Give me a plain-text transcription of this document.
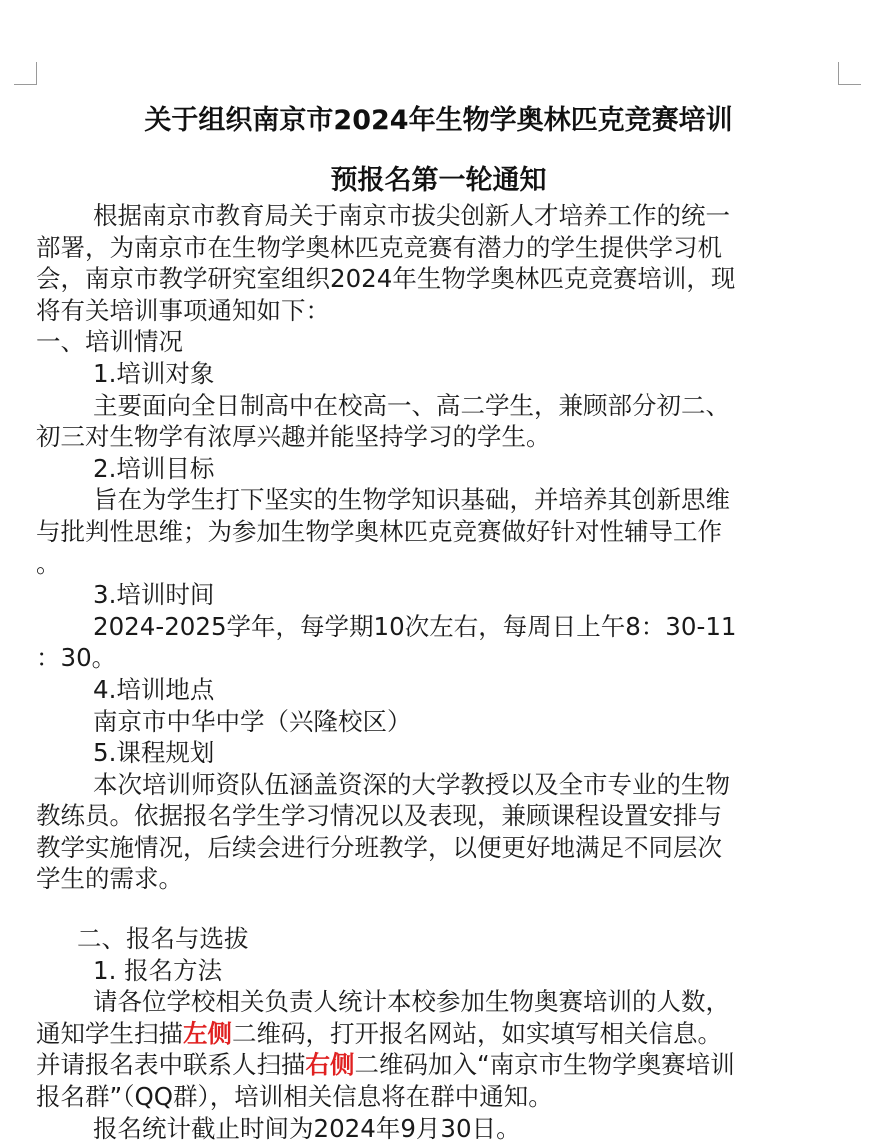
关于组织南京市2024年生物学奥林匹克竞赛培训
预报名第一轮通知
根据南京市教育局关于南京市拔尖创新人才培养工作的统一
部署，为南京市在生物学奥林匹克竞赛有潜力的学生提供学习机
会，南京市教学研究室组织2024年生物学奥林匹克竞赛培训，现
将有关培训事项通知如下：
一、培训情况
1.培训对象
主要面向全日制高中在校高一、高二学生，兼顾部分初二、
初三对生物学有浓厚兴趣并能坚持学习的学生。
2.培训目标
旨在为学生打下坚实的生物学知识基础，并培养其创新思维
与批判性思维；为参加生物学奥林匹克竞赛做好针对性辅导工作
。
3.培训时间
2024-2025学年，每学期10次左右，每周日上午8：30-11
：30。
4.培训地点
南京市中华中学（兴隆校区）
5.课程规划
本次培训师资队伍涵盖资深的大学教授以及全市专业的生物
教练员。依据报名学生学习情况以及表现，兼顾课程设置安排与
教学实施情况，后续会进行分班教学，以便更好地满足不同层次
学生的需求。
二、报名与选拔
1. 报名方法
请各位学校相关负责人统计本校参加生物奥赛培训的人数，
通知学生扫描左侧二维码，打开报名网站，如实填写相关信息。
并请报名表中联系人扫描右侧二维码加入“南京市生物学奥赛培训
报名群”（QQ群），培训相关信息将在群中通知。
报名统计截止时间为2024年9月30日。
